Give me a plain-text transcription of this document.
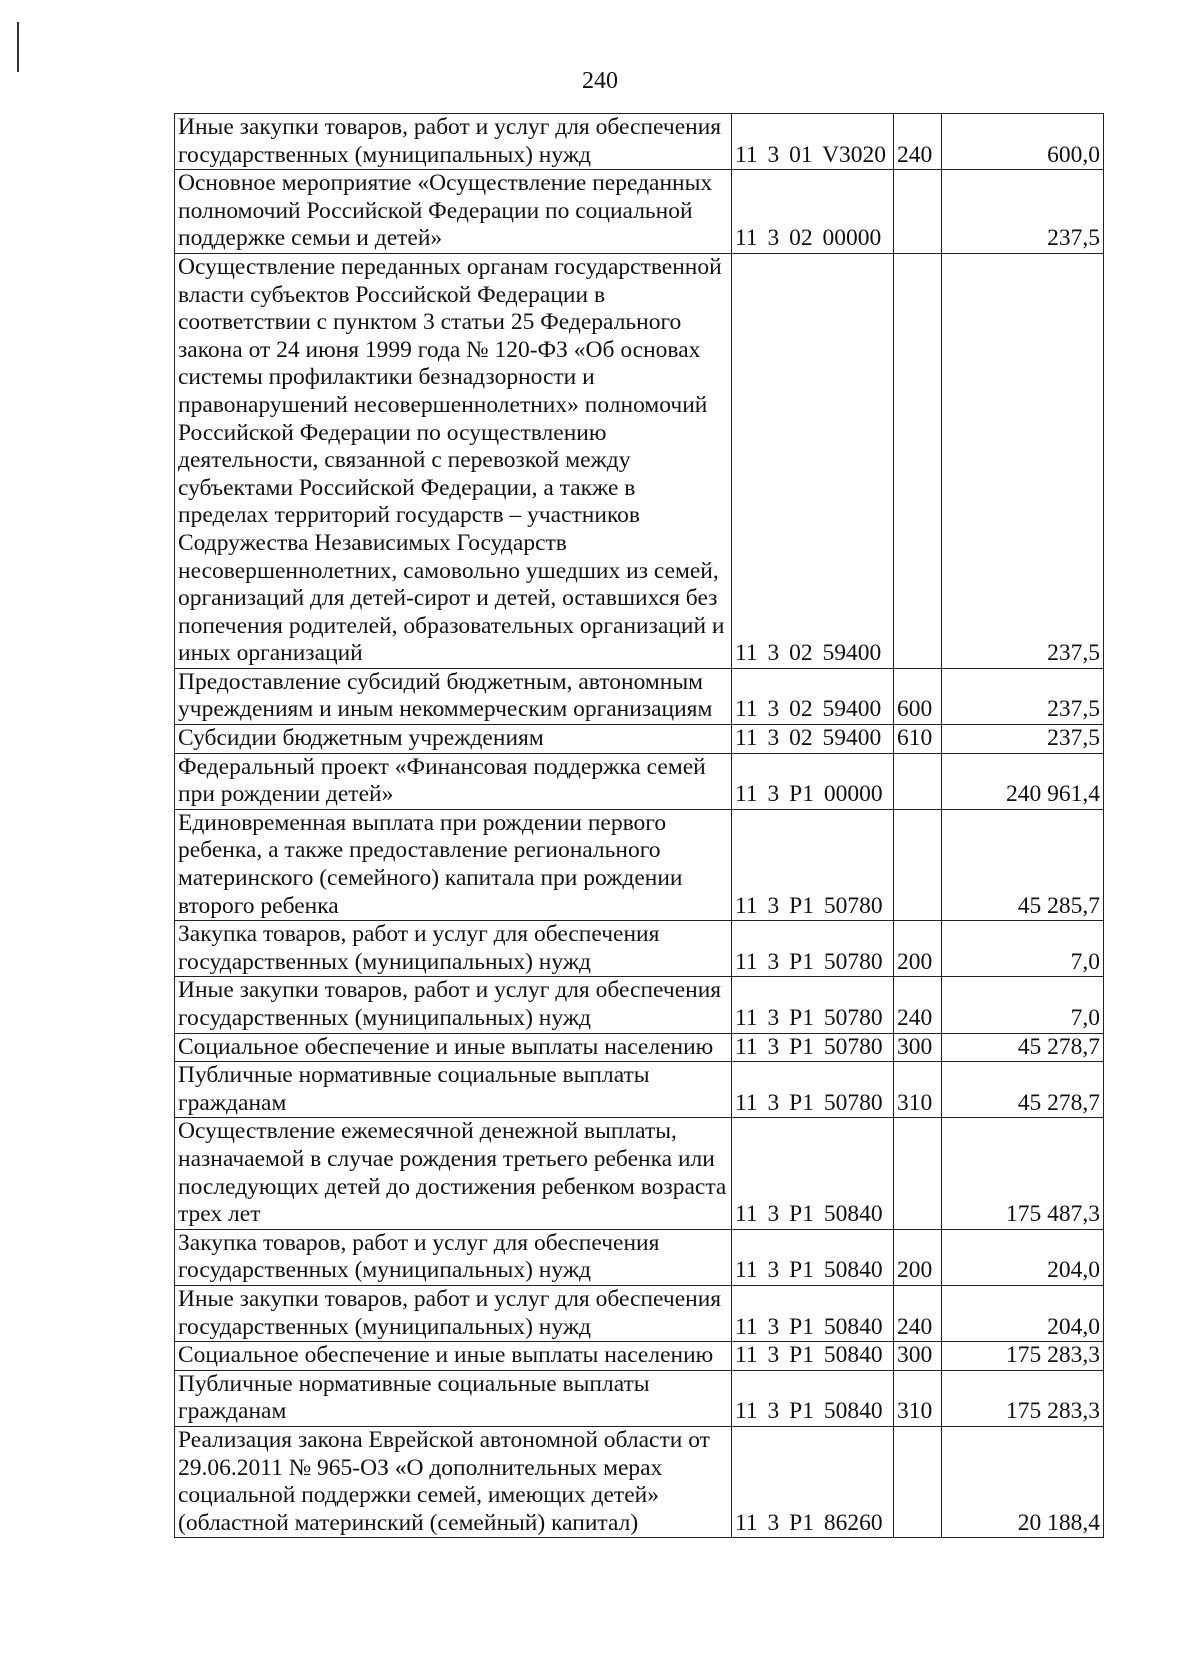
240
Иные закупки товаров, работ и услуг для обеспечения государственных (муниципальных) нужд	11 3 01 V3020	240	600,0
Основное мероприятие «Осуществление переданных полномочий Российской Федерации по социальной поддержке семьи и детей»	11 3 02 00000		237,5
Осуществление переданных органам государственной власти субъектов Российской Федерации в соответствии с пунктом 3 статьи 25 Федерального закона от 24 июня 1999 года № 120-ФЗ «Об основах системы профилактики безнадзорности и правонарушений несовершеннолетних» полномочий Российской Федерации по осуществлению деятельности, связанной с перевозкой между субъектами Российской Федерации, а также в пределах территорий государств – участников Содружества Независимых Государств несовершеннолетних, самовольно ушедших из семей, организаций для детей-сирот и детей, оставшихся без попечения родителей, образовательных организаций и иных организаций	11 3 02 59400		237,5
Предоставление субсидий бюджетным, автономным учреждениям и иным некоммерческим организациям	11 3 02 59400	600	237,5
Субсидии бюджетным учреждениям	11 3 02 59400	610	237,5
Федеральный проект «Финансовая поддержка семей при рождении детей»	11 3 P1 00000		240 961,4
Единовременная выплата при рождении первого ребенка, а также предоставление регионального материнского (семейного) капитала при рождении второго ребенка	11 3 P1 50780		45 285,7
Закупка товаров, работ и услуг для обеспечения государственных (муниципальных) нужд	11 3 P1 50780	200	7,0
Иные закупки товаров, работ и услуг для обеспечения государственных (муниципальных) нужд	11 3 P1 50780	240	7,0
Социальное обеспечение и иные выплаты населению	11 3 P1 50780	300	45 278,7
Публичные нормативные социальные выплаты гражданам	11 3 P1 50780	310	45 278,7
Осуществление ежемесячной денежной выплаты, назначаемой в случае рождения третьего ребенка или последующих детей до достижения ребенком возраста трех лет	11 3 P1 50840		175 487,3
Закупка товаров, работ и услуг для обеспечения государственных (муниципальных) нужд	11 3 P1 50840	200	204,0
Иные закупки товаров, работ и услуг для обеспечения государственных (муниципальных) нужд	11 3 P1 50840	240	204,0
Социальное обеспечение и иные выплаты населению	11 3 P1 50840	300	175 283,3
Публичные нормативные социальные выплаты гражданам	11 3 P1 50840	310	175 283,3
Реализация закона Еврейской автономной области от 29.06.2011 № 965-ОЗ «О дополнительных мерах социальной поддержки семей, имеющих детей» (областной материнский (семейный) капитал)	11 3 P1 86260		20 188,4
